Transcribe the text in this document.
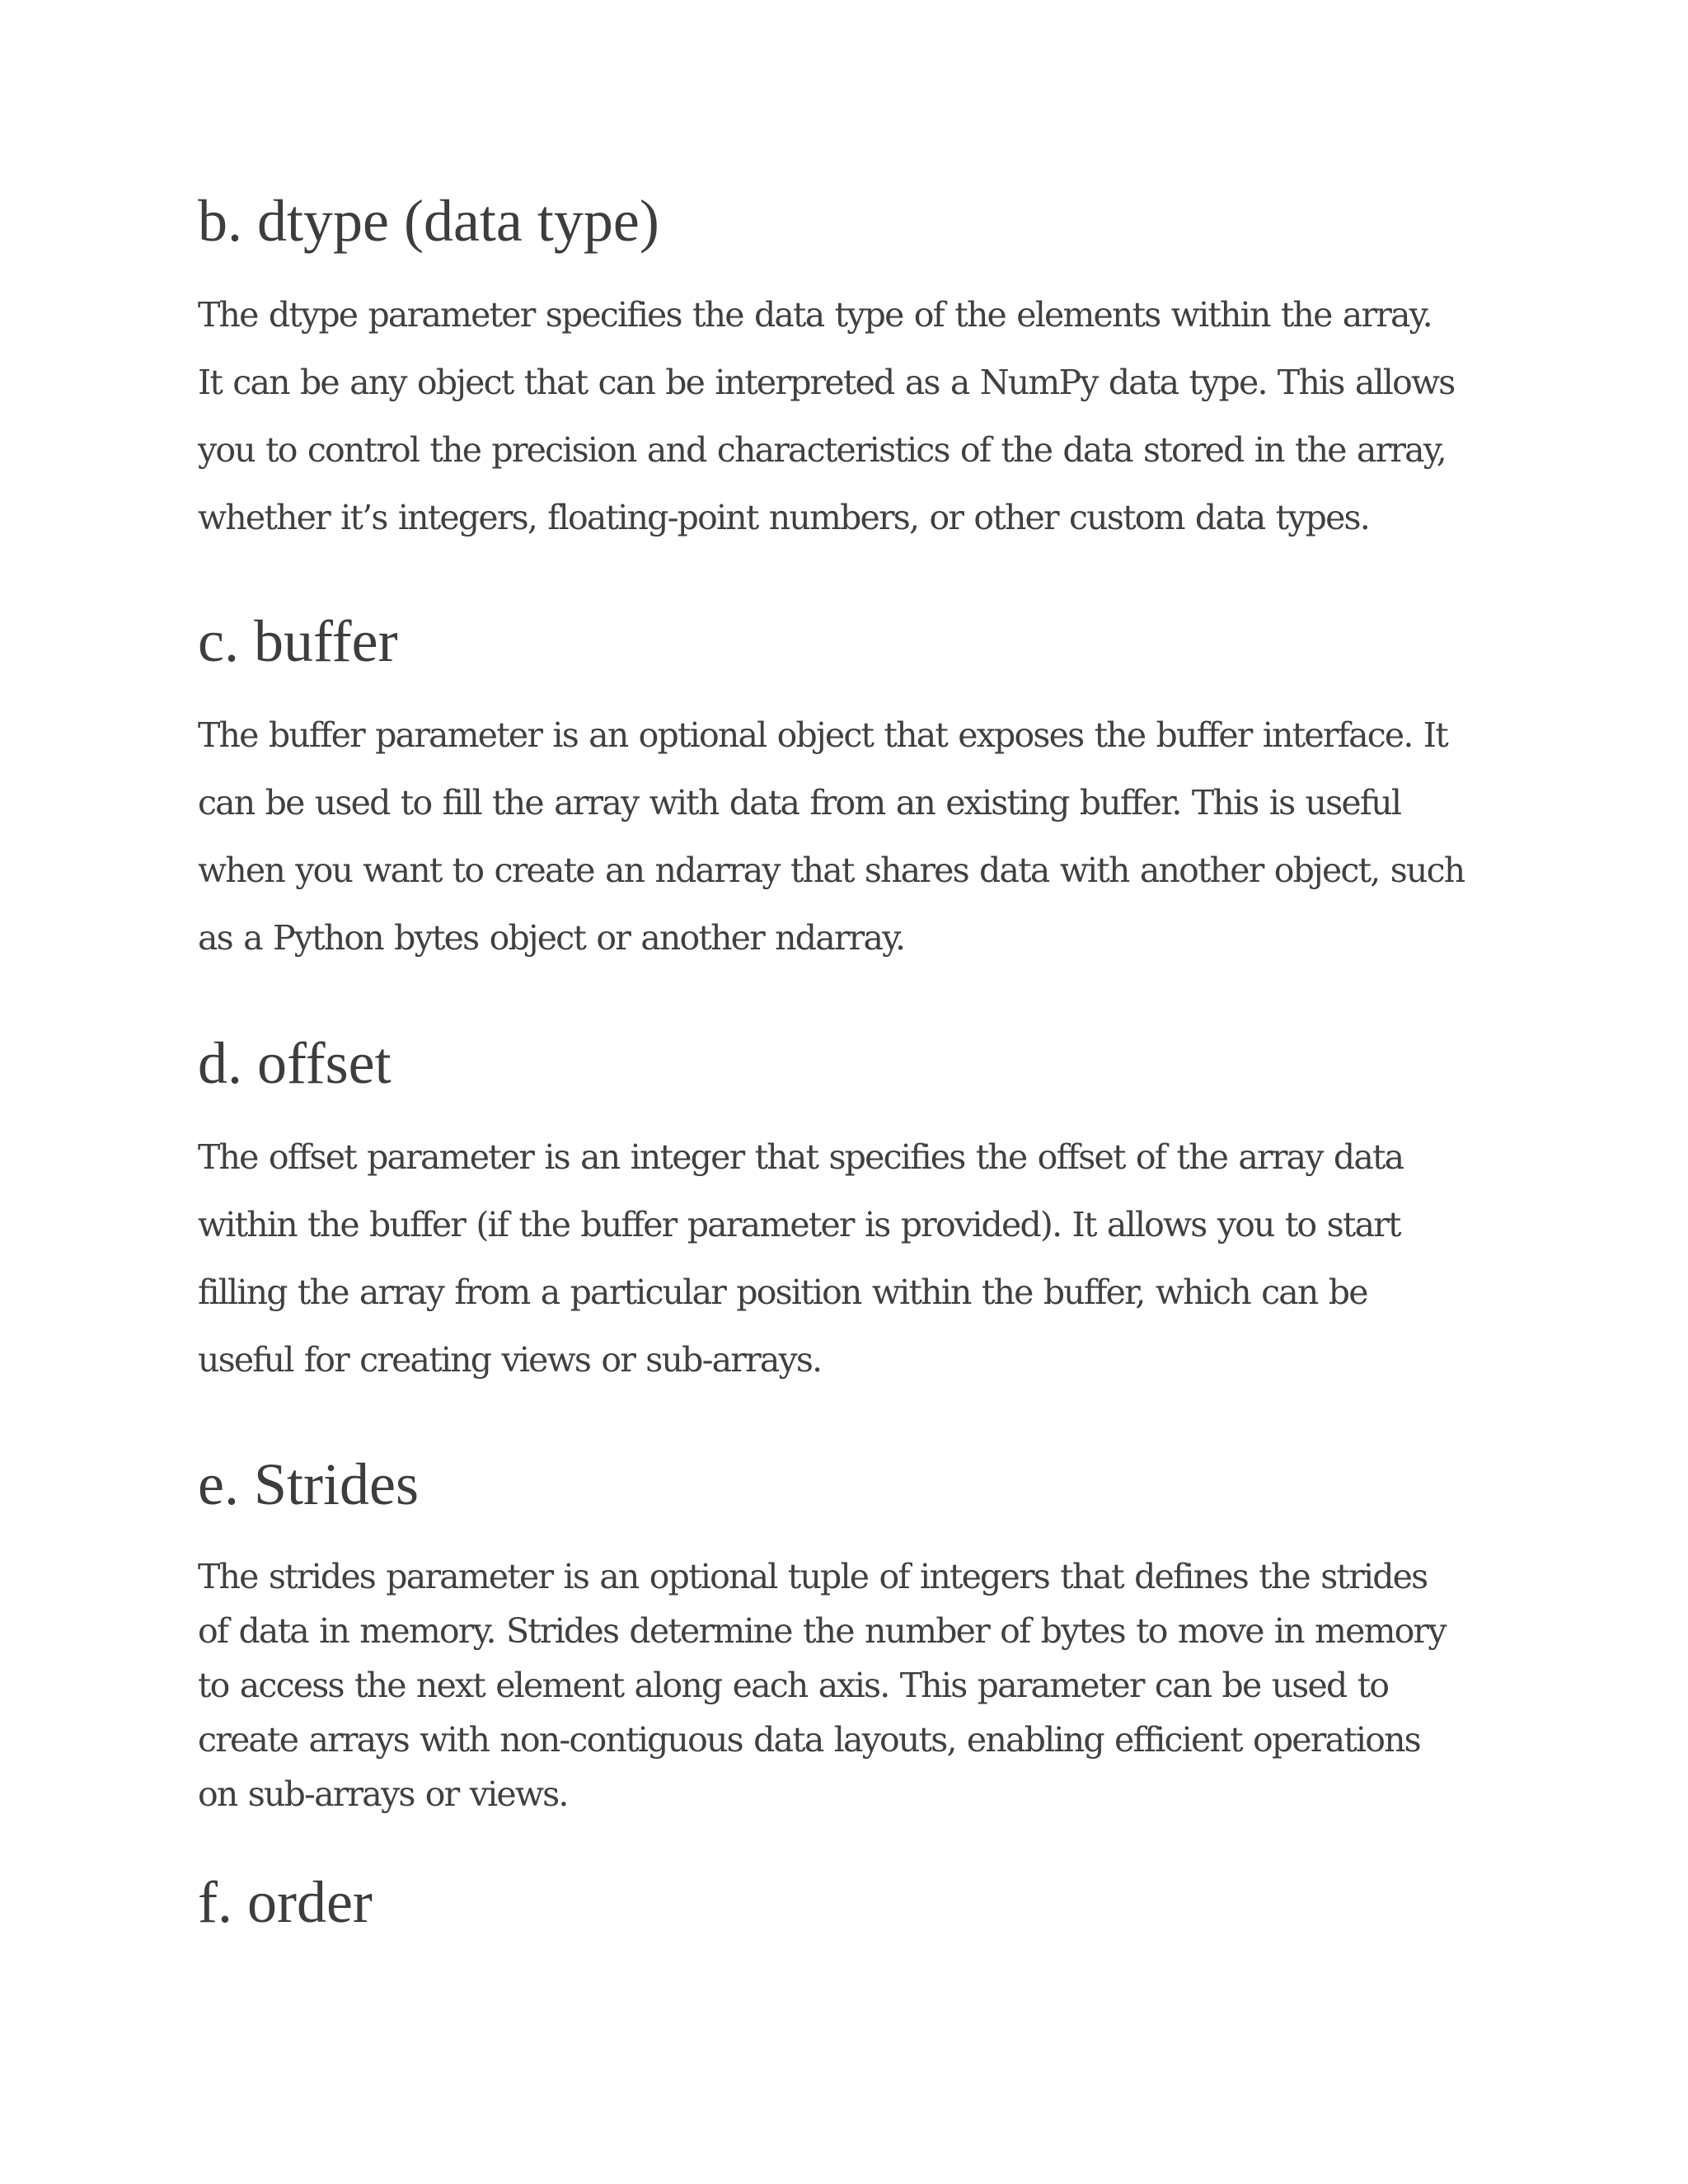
b. dtype (data type)

The dtype parameter specifies the data type of the elements within the array.
It can be any object that can be interpreted as a NumPy data type. This allows
you to control the precision and characteristics of the data stored in the array,
whether it’s integers, floating-point numbers, or other custom data types.

c. buffer

The buffer parameter is an optional object that exposes the buffer interface. It
can be used to fill the array with data from an existing buffer. This is useful
when you want to create an ndarray that shares data with another object, such
as a Python bytes object or another ndarray.

d. offset

The offset parameter is an integer that specifies the offset of the array data
within the buffer (if the buffer parameter is provided). It allows you to start
filling the array from a particular position within the buffer, which can be
useful for creating views or sub-arrays.

e. Strides

The strides parameter is an optional tuple of integers that defines the strides
of data in memory. Strides determine the number of bytes to move in memory
to access the next element along each axis. This parameter can be used to
create arrays with non-contiguous data layouts, enabling efficient operations
on sub-arrays or views.

f. order
